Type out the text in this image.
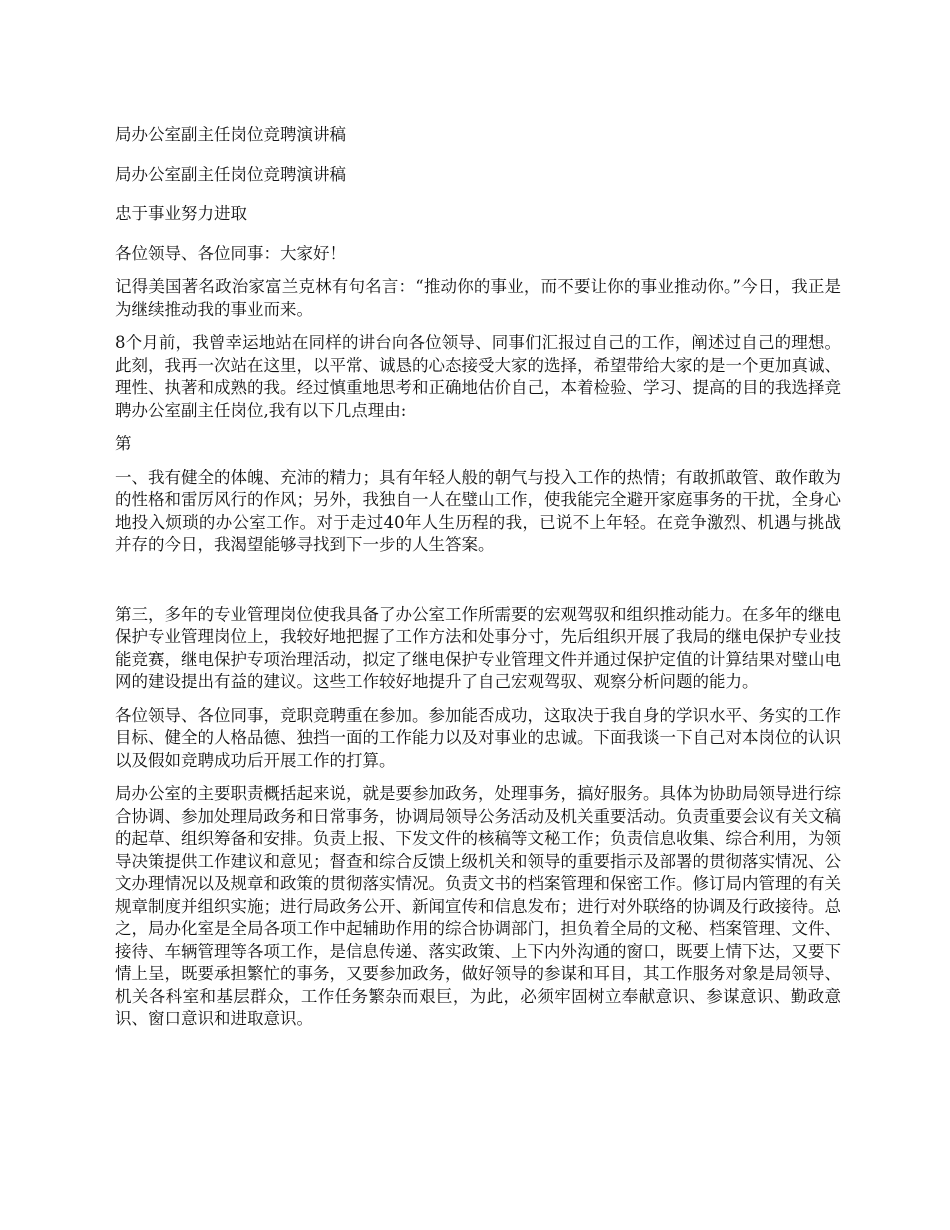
局办公室副主任岗位竞聘演讲稿

局办公室副主任岗位竞聘演讲稿

忠于事业努力进取

各位领导、各位同事：大家好！

记得美国著名政治家富兰克林有句名言：“推动你的事业，而不要让你的事业推动你。”今日，我正是为继续推动我的事业而来。

8个月前，我曾幸运地站在同样的讲台向各位领导、同事们汇报过自己的工作，阐述过自己的理想。此刻，我再一次站在这里，以平常、诚恳的心态接受大家的选择，希望带给大家的是一个更加真诚、理性、执著和成熟的我。经过慎重地思考和正确地估价自己，本着检验、学习、提高的目的我选择竞聘办公室副主任岗位,我有以下几点理由:

第

一、我有健全的体魄、充沛的精力；具有年轻人般的朝气与投入工作的热情；有敢抓敢管、敢作敢为的性格和雷厉风行的作风；另外，我独自一人在璧山工作，使我能完全避开家庭事务的干扰，全身心地投入烦琐的办公室工作。对于走过40年人生历程的我，已说不上年轻。在竞争激烈、机遇与挑战并存的今日，我渴望能够寻找到下一步的人生答案。

第三，多年的专业管理岗位使我具备了办公室工作所需要的宏观驾驭和组织推动能力。在多年的继电保护专业管理岗位上，我较好地把握了工作方法和处事分寸，先后组织开展了我局的继电保护专业技能竞赛，继电保护专项治理活动，拟定了继电保护专业管理文件并通过保护定值的计算结果对璧山电网的建设提出有益的建议。这些工作较好地提升了自己宏观驾驭、观察分析问题的能力。

各位领导、各位同事，竞职竞聘重在参加。参加能否成功，这取决于我自身的学识水平、务实的工作目标、健全的人格品德、独挡一面的工作能力以及对事业的忠诚。下面我谈一下自己对本岗位的认识以及假如竞聘成功后开展工作的打算。

局办公室的主要职责概括起来说，就是要参加政务，处理事务，搞好服务。具体为协助局领导进行综合协调、参加处理局政务和日常事务，协调局领导公务活动及机关重要活动。负责重要会议有关文稿的起草、组织筹备和安排。负责上报、下发文件的核稿等文秘工作；负责信息收集、综合利用，为领导决策提供工作建议和意见；督查和综合反馈上级机关和领导的重要指示及部署的贯彻落实情况、公文办理情况以及规章和政策的贯彻落实情况。负责文书的档案管理和保密工作。修订局内管理的有关规章制度并组织实施；进行局政务公开、新闻宣传和信息发布；进行对外联络的协调及行政接待。总之，局办化室是全局各项工作中起辅助作用的综合协调部门，担负着全局的文秘、档案管理、文件、接待、车辆管理等各项工作，是信息传递、落实政策、上下内外沟通的窗口，既要上情下达，又要下情上呈，既要承担繁忙的事务，又要参加政务，做好领导的参谋和耳目，其工作服务对象是局领导、机关各科室和基层群众，工作任务繁杂而艰巨，为此，必须牢固树立奉献意识、参谋意识、勤政意识、窗口意识和进取意识。
